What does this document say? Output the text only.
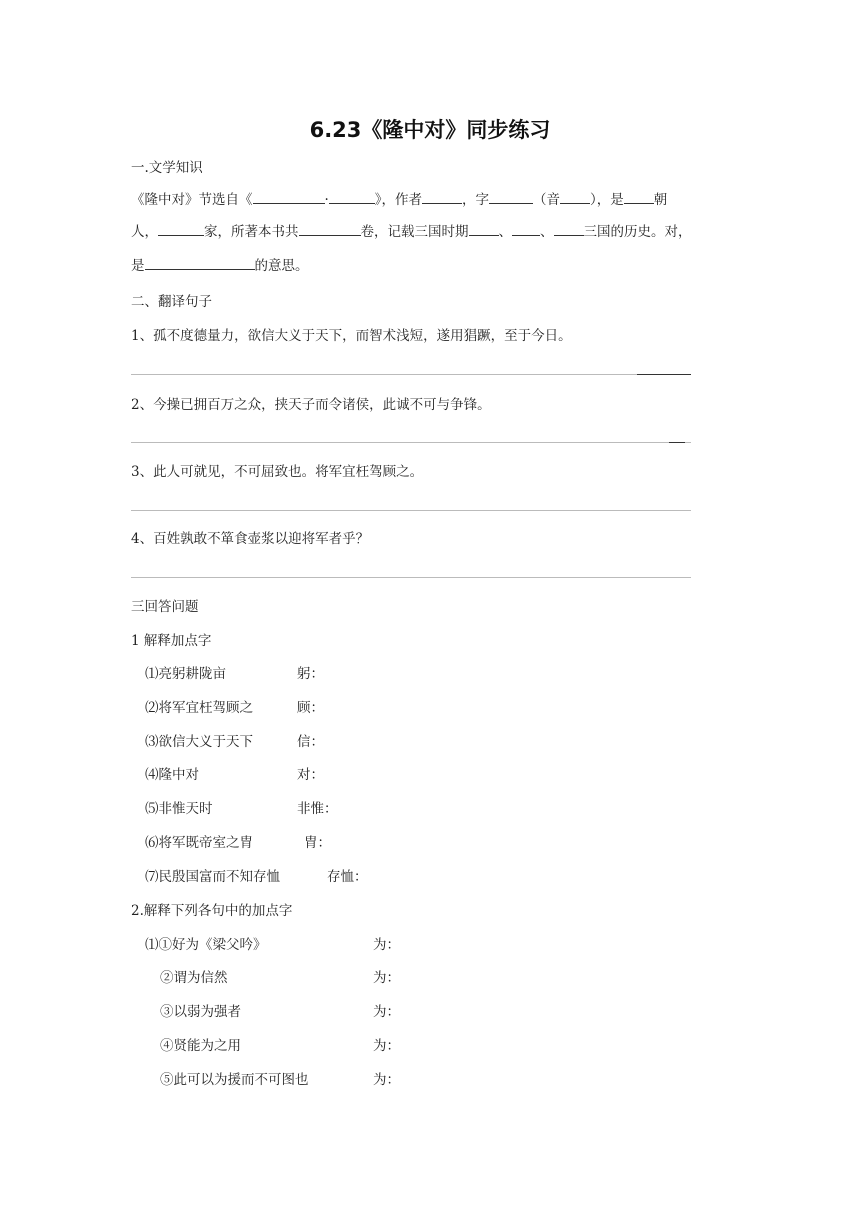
6.23《隆中对》同步练习
一.文学知识
《隆中对》节选自《	·	》，作者	，字	（音 ），是 朝
人，	家，所著本书共	卷，记载三国时期 、 、 三国的历史。对，
是	的意思。
二、翻译句子
1、孤不度德量力，欲信大义于天下，而智术浅短，遂用猖蹶，至于今日。
2、今操已拥百万之众，挟天子而令诸侯，此诚不可与争锋。
3、此人可就见，不可屈致也。将军宜枉驾顾之。
4、百姓孰敢不箪食壶浆以迎将军者乎？
三回答问题
1 解释加点字
⑴亮躬耕陇亩	躬：
⑵将军宜枉驾顾之	顾：
⑶欲信大义于天下	信：
⑷隆中对	对：
⑸非惟天时	非惟：
⑹将军既帝室之胄	胄：
⑺民殷国富而不知存恤	存恤：
2.解释下列各句中的加点字
⑴①好为《梁父吟》	为：
②谓为信然	为：
③以弱为强者	为：
④贤能为之用	为：
⑤此可以为援而不可图也	为：
